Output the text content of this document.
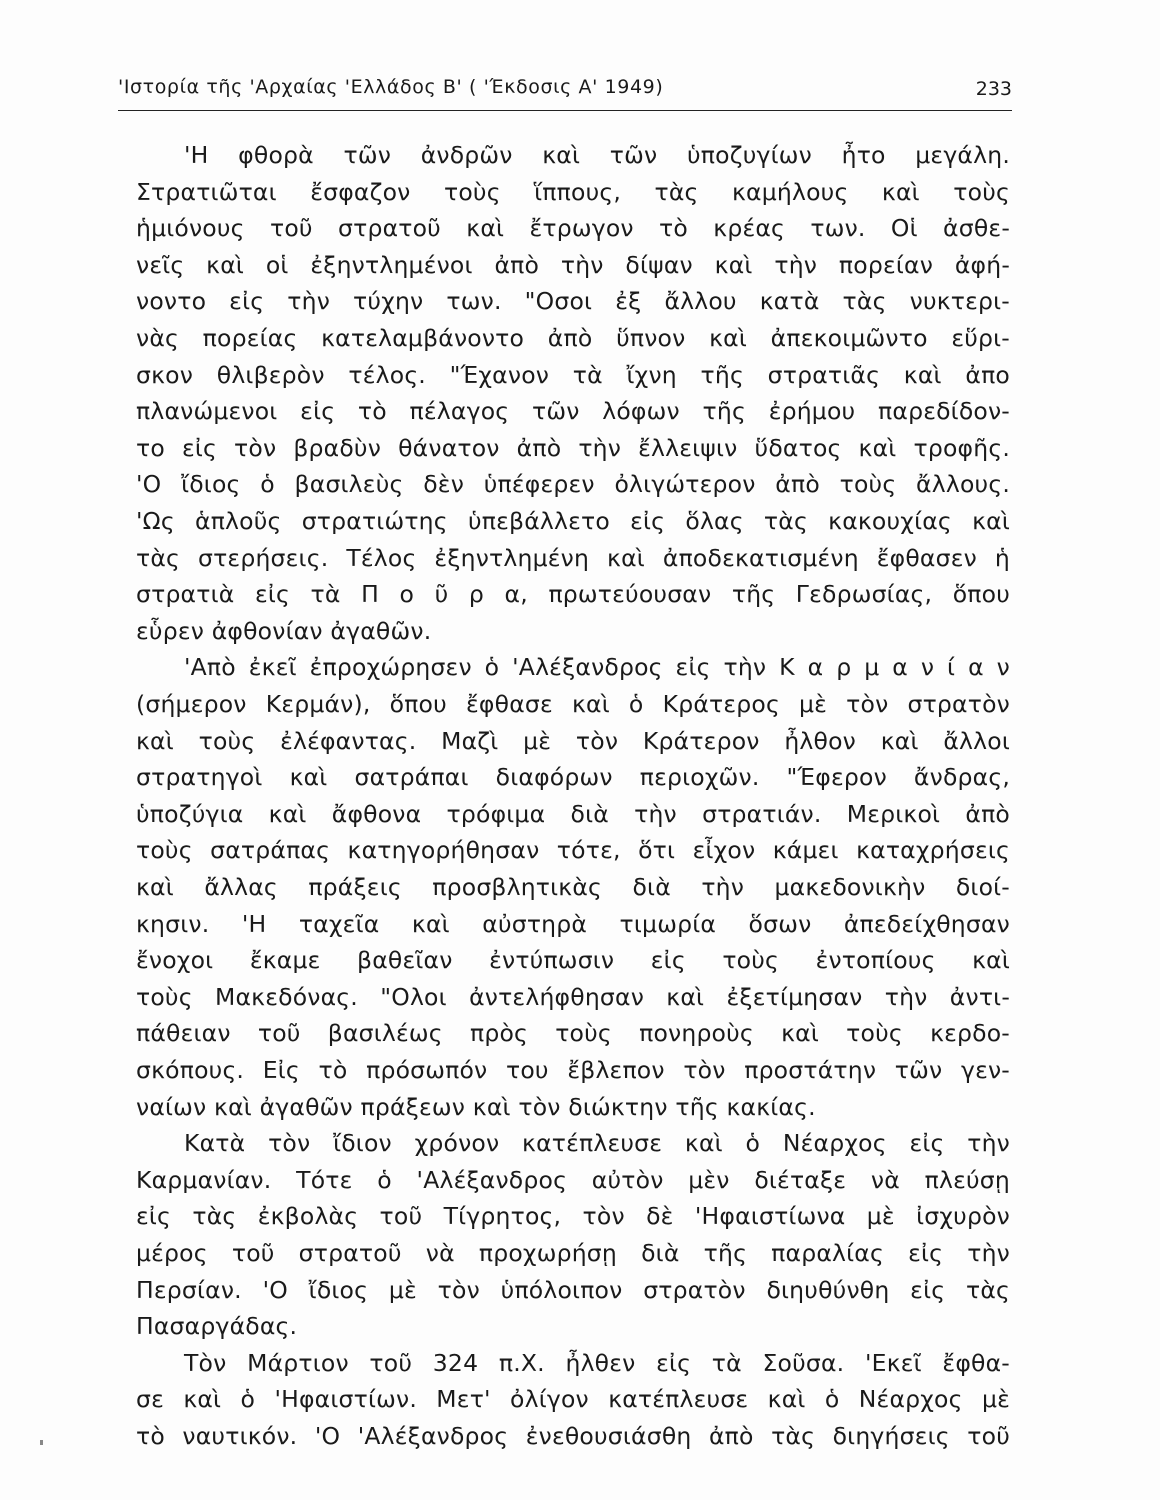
'Ιστορία τῆς 'Αρχαίας 'Ελλάδος Β' ( 'Έκδοσις Α' 1949)	233
'Η φθορὰ τῶν ἀνδρῶν καὶ τῶν ὑποζυγίων ἦτο μεγάλη.
Στρατιῶται ἔσφαζον τοὺς ἵππους, τὰς καμήλους καὶ τοὺς
ἡμιόνους τοῦ στρατοῦ καὶ ἔτρωγον τὸ κρέας των. Οἱ ἀσθε-
νεῖς καὶ οἱ ἐξηντλημένοι ἀπὸ τὴν δίψαν καὶ τὴν πορείαν ἀφή-
νοντο εἰς τὴν τύχην των. "Οσοι ἐξ ἄλλου κατὰ τὰς νυκτερι-
νὰς πορείας κατελαμβάνοντο ἀπὸ ὕπνον καὶ ἀπεκοιμῶντο εὕρι-
σκον θλιβερὸν τέλος. "Έχανον τὰ ἴχνη τῆς στρατιᾶς καὶ ἀπο
πλανώμενοι εἰς τὸ πέλαγος τῶν λόφων τῆς ἐρήμου παρεδίδον-
το εἰς τὸν βραδὺν θάνατον ἀπὸ τὴν ἔλλειψιν ὕδατος καὶ τροφῆς.
'Ο ἴδιος ὁ βασιλεὺς δὲν ὑπέφερεν ὀλιγώτερον ἀπὸ τοὺς ἄλλους.
'Ως ἁπλοῦς στρατιώτης ὑπεβάλλετο εἰς ὅλας τὰς κακουχίας καὶ
τὰς στερήσεις. Τέλος ἐξηντλημένη καὶ ἀποδεκατισμένη ἔφθασεν ἡ
στρατιὰ εἰς τὰ Π ο ῦ ρ α, πρωτεύουσαν τῆς Γεδρωσίας, ὅπου
εὗρεν ἀφθονίαν ἀγαθῶν.
'Απὸ ἐκεῖ ἐπροχώρησεν ὁ 'Αλέξανδρος εἰς τὴν Κ α ρ μ α ν ί α ν
(σήμερον Κερμάν), ὅπου ἔφθασε καὶ ὁ Κράτερος μὲ τὸν στρατὸν
καὶ τοὺς ἐλέφαντας. Μαζὶ μὲ τὸν Κράτερον ἦλθον καὶ ἄλλοι
στρατηγοὶ καὶ σατράπαι διαφόρων περιοχῶν. "Έφερον ἄνδρας,
ὑποζύγια καὶ ἄφθονα τρόφιμα διὰ τὴν στρατιάν. Μερικοὶ ἀπὸ
τοὺς σατράπας κατηγορήθησαν τότε, ὅτι εἶχον κάμει καταχρήσεις
καὶ ἄλλας πράξεις προσβλητικὰς διὰ τὴν μακεδονικὴν διοί-
κησιν. 'Η ταχεῖα καὶ αὐστηρὰ τιμωρία ὅσων ἀπεδείχθησαν
ἔνοχοι ἔκαμε βαθεῖαν ἐντύπωσιν εἰς τοὺς ἐντοπίους καὶ
τοὺς Μακεδόνας. "Ολοι ἀντελήφθησαν καὶ ἐξετίμησαν τὴν ἀντι-
πάθειαν τοῦ βασιλέως πρὸς τοὺς πονηροὺς καὶ τοὺς κερδο-
σκόπους. Εἰς τὸ πρόσωπόν του ἔβλεπον τὸν προστάτην τῶν γεν-
ναίων καὶ ἀγαθῶν πράξεων καὶ τὸν διώκτην τῆς κακίας.
Κατὰ τὸν ἴδιον χρόνον κατέπλευσε καὶ ὁ Νέαρχος εἰς τὴν
Καρμανίαν. Τότε ὁ 'Αλέξανδρος αὐτὸν μὲν διέταξε νὰ πλεύσῃ
εἰς τὰς ἐκβολὰς τοῦ Τίγρητος, τὸν δὲ 'Ηφαιστίωνα μὲ ἰσχυρὸν
μέρος τοῦ στρατοῦ νὰ προχωρήσῃ διὰ τῆς παραλίας εἰς τὴν
Περσίαν. 'Ο ἴδιος μὲ τὸν ὑπόλοιπον στρατὸν διηυθύνθη εἰς τὰς
Πασαργάδας.
Τὸν Μάρτιον τοῦ 324 π.Χ. ἦλθεν εἰς τὰ Σοῦσα. 'Εκεῖ ἔφθα-
σε καὶ ὁ 'Ηφαιστίων. Μετ' ὀλίγον κατέπλευσε καὶ ὁ Νέαρχος μὲ
τὸ ναυτικόν. 'Ο 'Αλέξανδρος ἐνεθουσιάσθη ἀπὸ τὰς διηγήσεις τοῦ
